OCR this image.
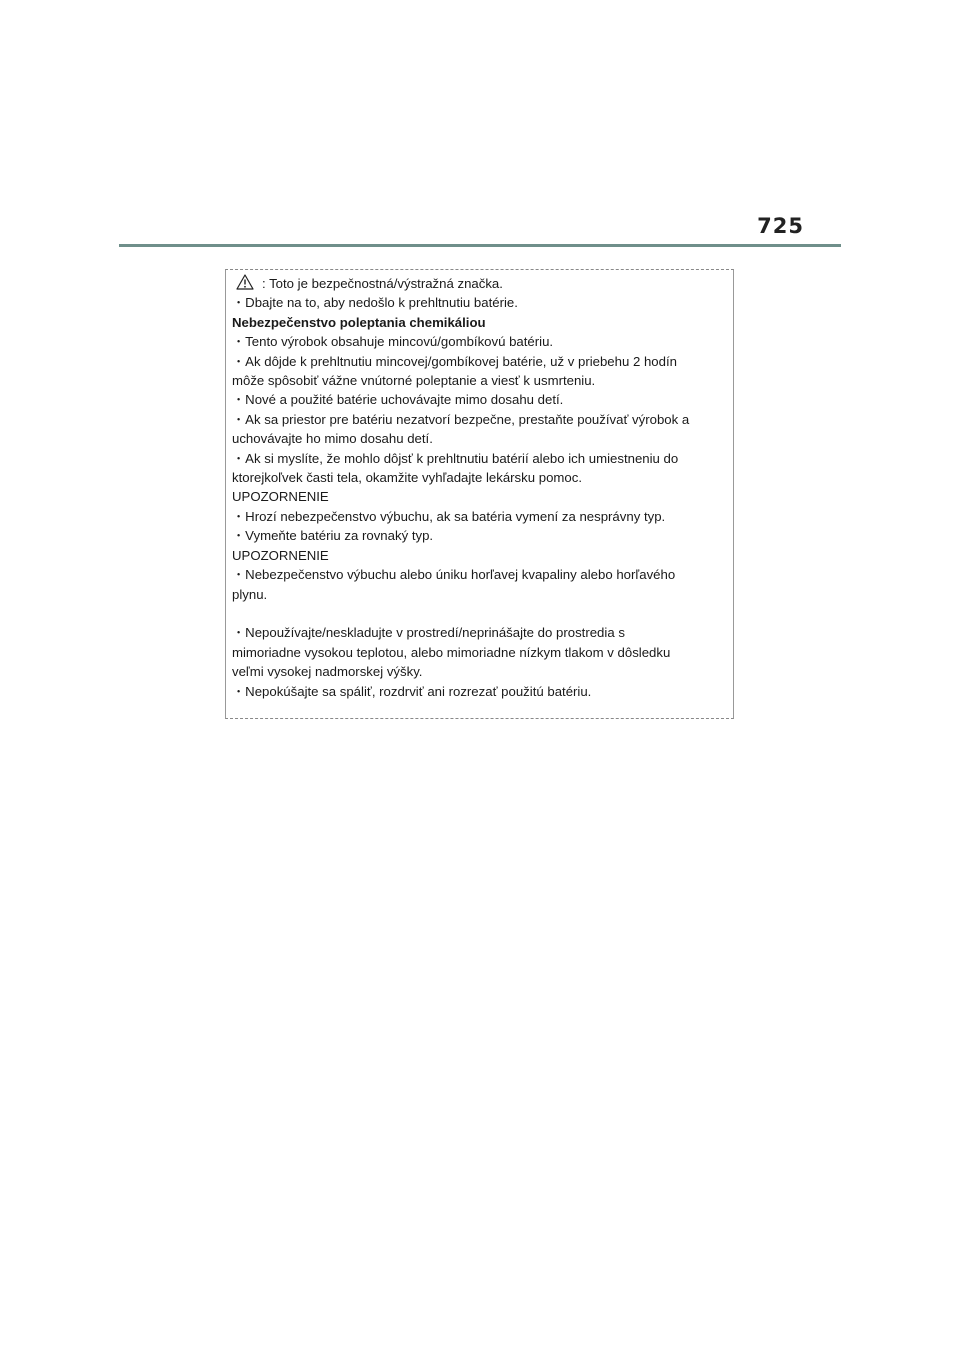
725
: Toto je bezpečnostná/výstražná značka.
・Dbajte na to, aby nedošlo k prehltnutiu batérie.
Nebezpečenstvo poleptania chemikáliou
・Tento výrobok obsahuje mincovú/gombíkovú batériu.
・Ak dôjde k prehltnutiu mincovej/gombíkovej batérie, už v priebehu 2 hodín
môže spôsobiť vážne vnútorné poleptanie a viesť k usmrteniu.
・Nové a použité batérie uchovávajte mimo dosahu detí.
・Ak sa priestor pre batériu nezatvorí bezpečne, prestaňte používať výrobok a
uchovávajte ho mimo dosahu detí.
・Ak si myslíte, že mohlo dôjsť k prehltnutiu batérií alebo ich umiestneniu do
ktorejkoľvek časti tela, okamžite vyhľadajte lekársku pomoc.
UPOZORNENIE
・Hrozí nebezpečenstvo výbuchu, ak sa batéria vymení za nesprávny typ.
・Vymeňte batériu za rovnaký typ.
UPOZORNENIE
・Nebezpečenstvo výbuchu alebo úniku horľavej kvapaliny alebo horľavého
plynu.
・Nepoužívajte/neskladujte v prostredí/neprinášajte do prostredia s
mimoriadne vysokou teplotou, alebo mimoriadne nízkym tlakom v dôsledku
veľmi vysokej nadmorskej výšky.
・Nepokúšajte sa spáliť, rozdrviť ani rozrezať použitú batériu.
